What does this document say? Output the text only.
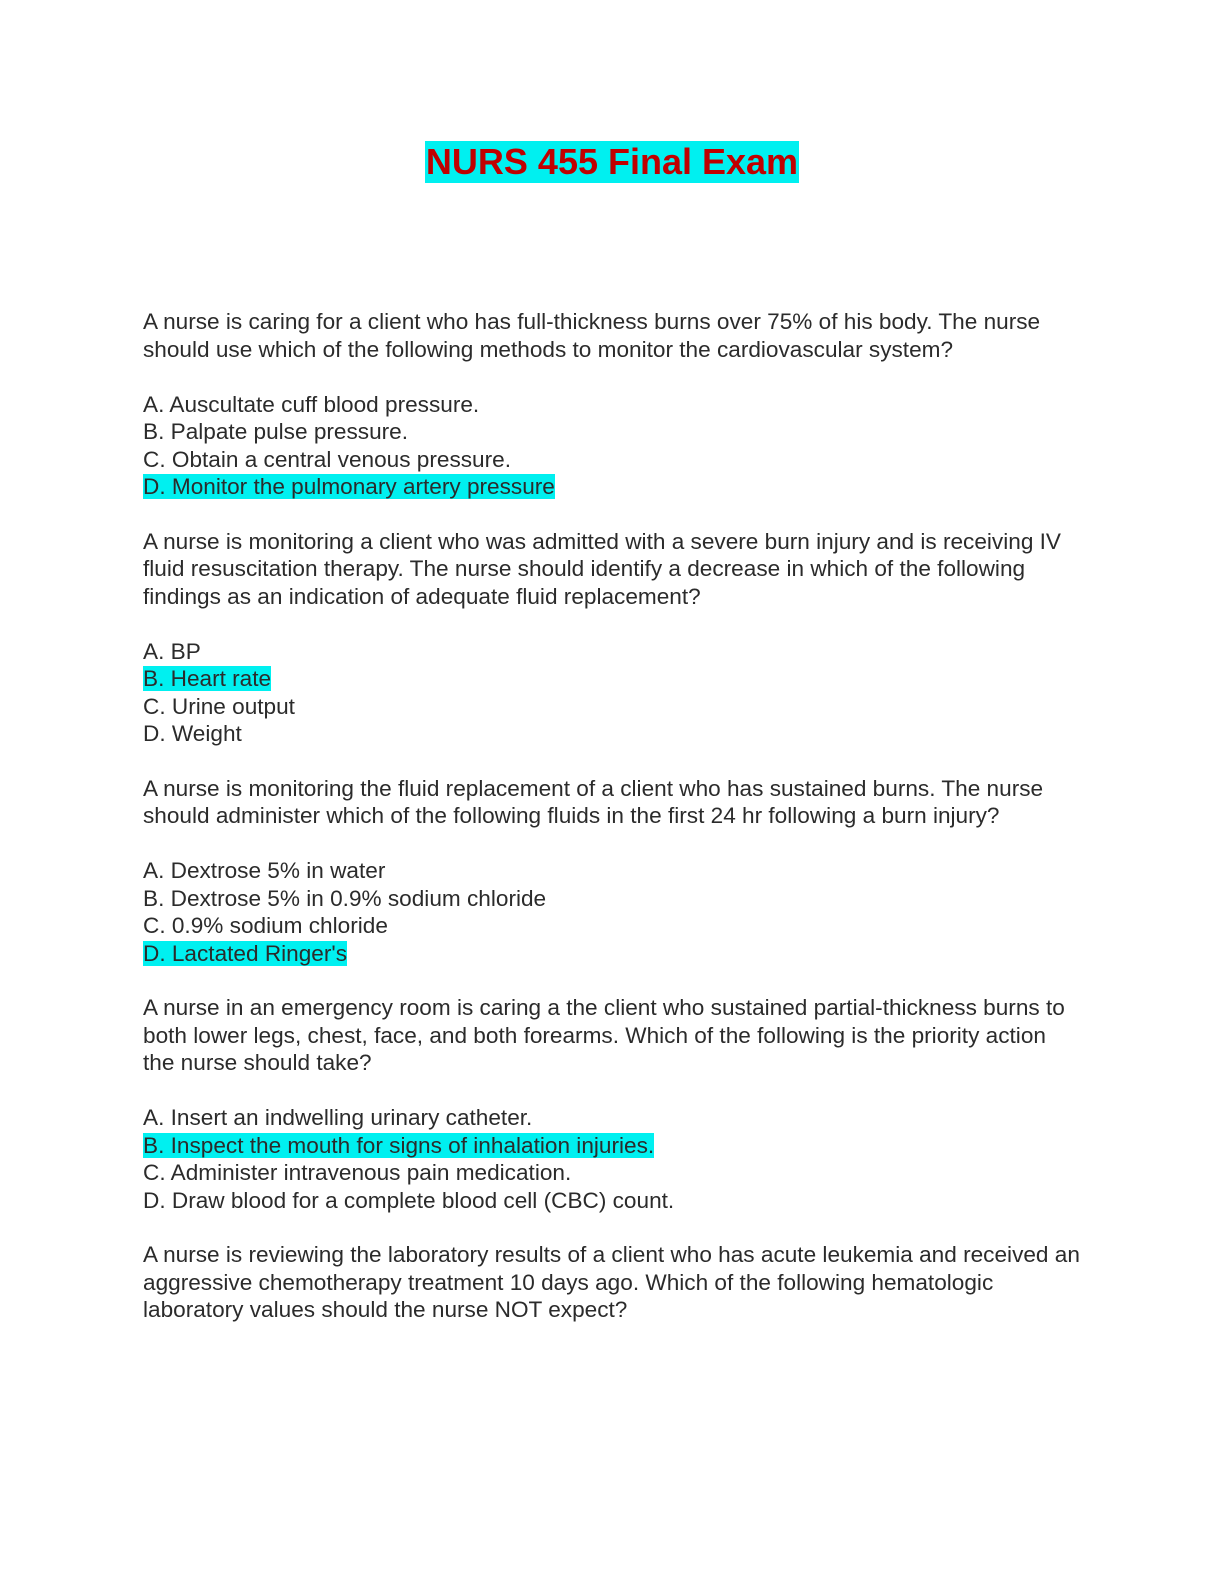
NURS 455 Final Exam

A nurse is caring for a client who has full-thickness burns over 75% of his body. The nurse should use which of the following methods to monitor the cardiovascular system?

A. Auscultate cuff blood pressure.
B. Palpate pulse pressure.
C. Obtain a central venous pressure.
D. Monitor the pulmonary artery pressure

A nurse is monitoring a client who was admitted with a severe burn injury and is receiving IV fluid resuscitation therapy. The nurse should identify a decrease in which of the following findings as an indication of adequate fluid replacement?

A. BP
B. Heart rate
C. Urine output
D. Weight

A nurse is monitoring the fluid replacement of a client who has sustained burns. The nurse should administer which of the following fluids in the first 24 hr following a burn injury?

A. Dextrose 5% in water
B. Dextrose 5% in 0.9% sodium chloride
C. 0.9% sodium chloride
D. Lactated Ringer's

A nurse in an emergency room is caring a the client who sustained partial-thickness burns to both lower legs, chest, face, and both forearms. Which of the following is the priority action the nurse should take?

A. Insert an indwelling urinary catheter.
B. Inspect the mouth for signs of inhalation injuries.
C. Administer intravenous pain medication.
D. Draw blood for a complete blood cell (CBC) count.

A nurse is reviewing the laboratory results of a client who has acute leukemia and received an aggressive chemotherapy treatment 10 days ago. Which of the following hematologic laboratory values should the nurse NOT expect?
